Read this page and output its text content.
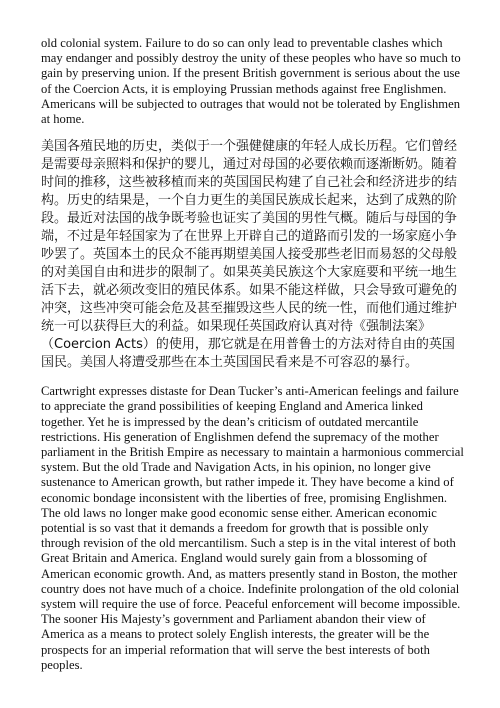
old colonial system. Failure to do so can only lead to preventable clashes which may endanger and possibly destroy the unity of these peoples who have so much to gain by preserving union. If the present British government is serious about the use of the Coercion Acts, it is employing Prussian methods against free Englishmen. Americans will be subjected to outrages that would not be tolerated by Englishmen at home.

美国各殖民地的历史，类似于一个强健健康的年轻人成长历程。它们曾经是需要母亲照料和保护的婴儿，通过对母国的必要依赖而逐渐断奶。随着时间的推移，这些被移植而来的英国国民构建了自己社会和经济进步的结构。历史的结果是，一个自力更生的美国民族成长起来，达到了成熟的阶段。最近对法国的战争既考验也证实了美国的男性气概。随后与母国的争端，不过是年轻国家为了在世界上开辟自己的道路而引发的一场家庭小争吵罢了。英国本土的民众不能再期望美国人接受那些老旧而易怒的父母般的对美国自由和进步的限制了。如果英美民族这个大家庭要和平统一地生活下去，就必须改变旧的殖民体系。如果不能这样做，只会导致可避免的冲突，这些冲突可能会危及甚至摧毁这些人民的统一性，而他们通过维护统一可以获得巨大的利益。如果现任英国政府认真对待《强制法案》（Coercion Acts）的使用，那它就是在用普鲁士的方法对待自由的英国国民。美国人将遭受那些在本土英国国民看来是不可容忍的暴行。

Cartwright expresses distaste for Dean Tucker’s anti-American feelings and failure to appreciate the grand possibilities of keeping England and America linked together. Yet he is impressed by the dean’s criticism of outdated mercantile restrictions. His generation of Englishmen defend the supremacy of the mother parliament in the British Empire as necessary to maintain a harmonious commercial system. But the old Trade and Navigation Acts, in his opinion, no longer give sustenance to American growth, but rather impede it. They have become a kind of economic bondage inconsistent with the liberties of free, promising Englishmen. The old laws no longer make good economic sense either. American economic potential is so vast that it demands a freedom for growth that is possible only through revision of the old mercantilism. Such a step is in the vital interest of both Great Britain and America. England would surely gain from a blossoming of American economic growth. And, as matters presently stand in Boston, the mother country does not have much of a choice. Indefinite prolongation of the old colonial system will require the use of force. Peaceful enforcement will become impossible. The sooner His Majesty’s government and Parliament abandon their view of America as a means to protect solely English interests, the greater will be the prospects for an imperial reformation that will serve the best interests of both peoples.
